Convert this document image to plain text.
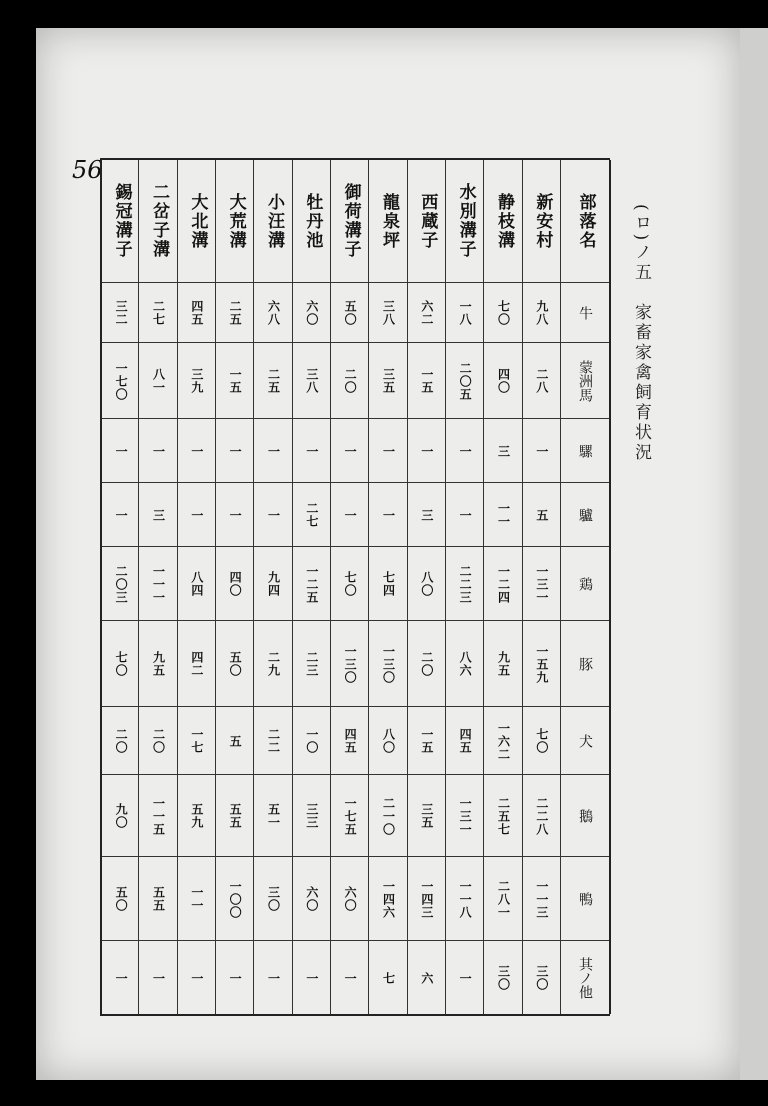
56
(ロ)ノ五　家畜家禽飼育状況
新安村
九八
二八
一
五
一三一
一五九
七〇
二二八
一一三
三〇
静枝溝
七〇
四〇
三
一一
一二四
九五
一六二
二五七
二八一
三〇
水別溝子
一八
二〇五
一
一
二二三
八六
四五
一三一
一一八
一
西蔵子
六二
一五
一
三
八〇
二〇
一五
三五
一四三
六
龍泉坪
三八
三五
一
一
七四
一三〇
八〇
二一〇
一四六
七
御荷溝子
五〇
二〇
一
一
七〇
一三〇
四五
一七五
六〇
一
牡丹池
六〇
三八
一
二七
一二五
二三
一〇
三三
六〇
一
小汪溝
六八
二五
一
一
九四
二九
二二
五一
三〇
一
大荒溝
二五
一五
一
一
四〇
五〇
五
五五
一〇〇
一
大北溝
四五
三九
一
一
八四
四二
一七
五九
一一
一
二岔子溝
二七
八一
一
三
一一一
九五
二〇
一一五
五五
一
錫冠溝子
三二
一七〇
一
一
二〇三
七〇
二〇
九〇
五〇
一
部落名
牛
蒙洲馬
騾
驢
鶏
豚
犬
鵝
鴨
其ノ他
